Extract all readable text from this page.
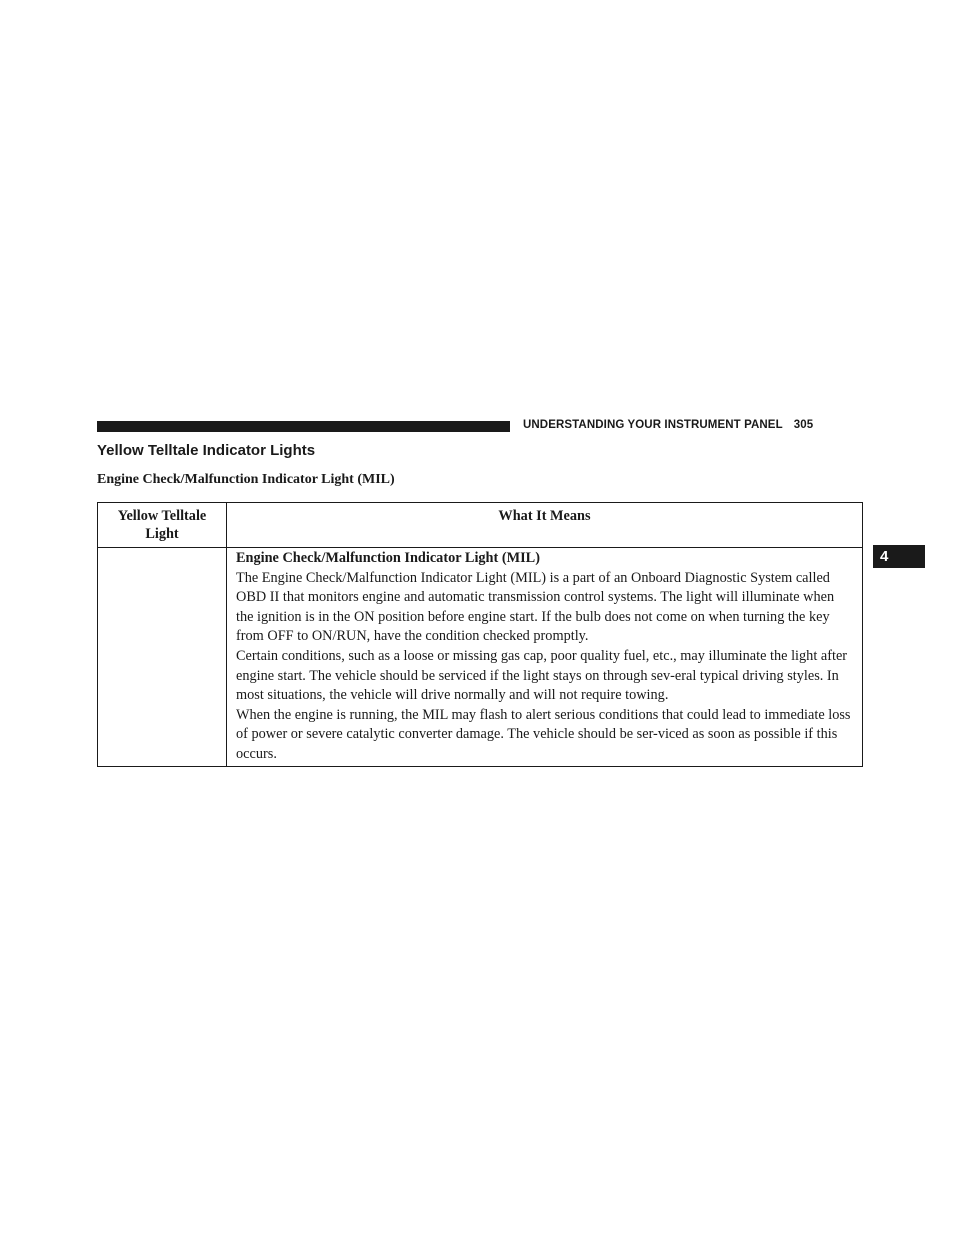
UNDERSTANDING YOUR INSTRUMENT PANEL 305
4
Yellow Telltale Indicator Lights
Engine Check/Malfunction Indicator Light (MIL)
Yellow Telltale
Light	What It Means

	Engine Check/Malfunction Indicator Light (MIL)

The Engine Check/Malfunction Indicator Light (MIL) is a part of an Onboard Diagnostic System called OBD II that monitors engine and automatic transmission control systems. The light will illuminate when the ignition is in the ON position before engine start. If the bulb does not come on when turning the key from OFF to ON/RUN, have the condition checked promptly.

Certain conditions, such as a loose or missing gas cap, poor quality fuel, etc., may illuminate the light after engine start. The vehicle should be serviced if the light stays on through sev-eral typical driving styles. In most situations, the vehicle will drive normally and will not require towing.

When the engine is running, the MIL may flash to alert serious conditions that could lead to immediate loss of power or severe catalytic converter damage. The vehicle should be ser-viced as soon as possible if this occurs.
